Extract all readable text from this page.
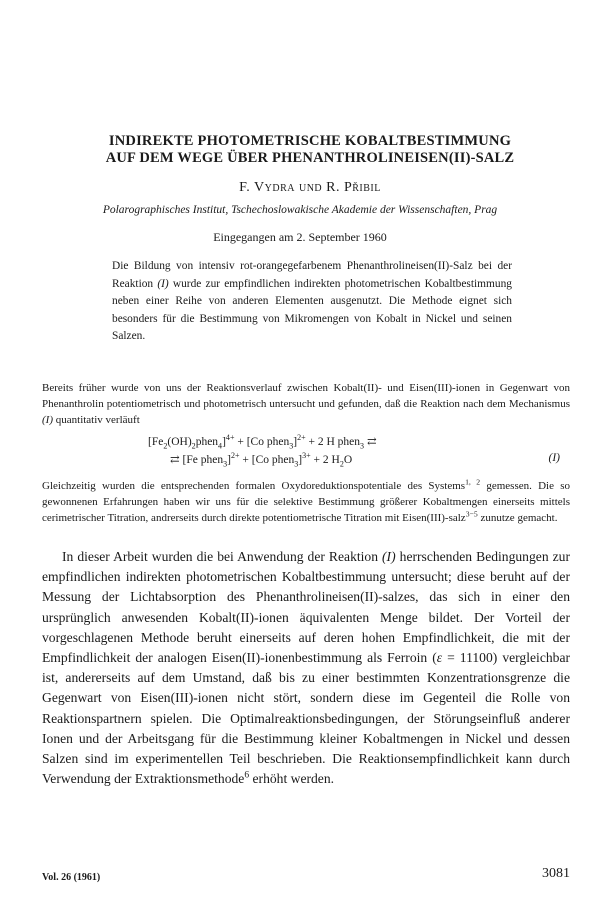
INDIREKTE PHOTOMETRISCHE KOBALTBESTIMMUNG
AUF DEM WEGE ÜBER PHENANTHROLINEISEN(II)-SALZ
F. Vydra und R. Přibil
Polarographisches Institut, Tschechoslowakische Akademie der Wissenschaften, Prag
Eingegangen am 2. September 1960
Die Bildung von intensiv rot-orangegefarbenem Phenanthrolineisen(II)-Salz bei der Reaktion (I) wurde zur empfindlichen indirekten photometrischen Kobaltbestimmung neben einer Reihe von anderen Elementen ausgenutzt. Die Methode eignet sich besonders für die Bestimmung von Mikromengen von Kobalt in Nickel und seinen Salzen.
Bereits früher wurde von uns der Reaktionsverlauf zwischen Kobalt(II)- und Eisen(III)-ionen in Gegenwart von Phenanthrolin potentiometrisch und photometrisch untersucht und gefunden, daß die Reaktion nach dem Mechanismus (I) quantitativ verläuft
$[Fe_2(OH)_2phen_4]^{4+} + [Co$ phen$_3$]$^{2+}$ + 2 H phen$_3$ ⇄
⇄ [Fe phen$_3$]$^{2+}$ + [Co phen$_3$]$^{3+}$ + 2 $H_2O$	(I)
Gleichzeitig wurden die entsprechenden formalen Oxydoreduktionspotentiale des Systems$^{1, 2}$ gemessen. Die so gewonnenen Erfahrungen haben wir uns für die selektive Bestimmung größerer Kobaltmengen einerseits mittels cerimetrischer Titration, andrerseits durch direkte potentiometrische Titration mit Eisen(III)-salz$^{3-5}$ zunutze gemacht.

In dieser Arbeit wurden die bei Anwendung der Reaktion (I) herrschenden Bedingungen zur empfindlichen indirekten photometrischen Kobaltbestimmung untersucht; diese beruht auf der Messung der Lichtabsorption des Phenanthrolineisen(II)-salzes, das sich in einer den ursprünglich anwesenden Kobalt(II)-ionen äquivalenten Menge bildet. Der Vorteil der vorgeschlagenen Methode beruht einerseits auf deren hohen Empfindlichkeit, die mit der Empfindlichkeit der analogen Eisen(II)-ionenbestimmung als Ferroin (ε = 11100) vergleichbar ist, andererseits auf dem Umstand, daß bis zu einer bestimmten Konzentrationsgrenze die Gegenwart von Eisen(III)-ionen nicht stört, sondern diese im Gegenteil die Rolle von Reaktionspartnern spielen. Die Optimalreaktionsbedingungen, der Störungseinfluß anderer Ionen und der Arbeitsgang für die Bestimmung kleiner Kobaltmengen in Nickel und dessen Salzen sind im experimentellen Teil beschrieben. Die Reaktionsempfindlichkeit kann durch Verwendung der Extraktionsmethode$^6$ erhöht werden.

Vol. 26 (1961)	3081
